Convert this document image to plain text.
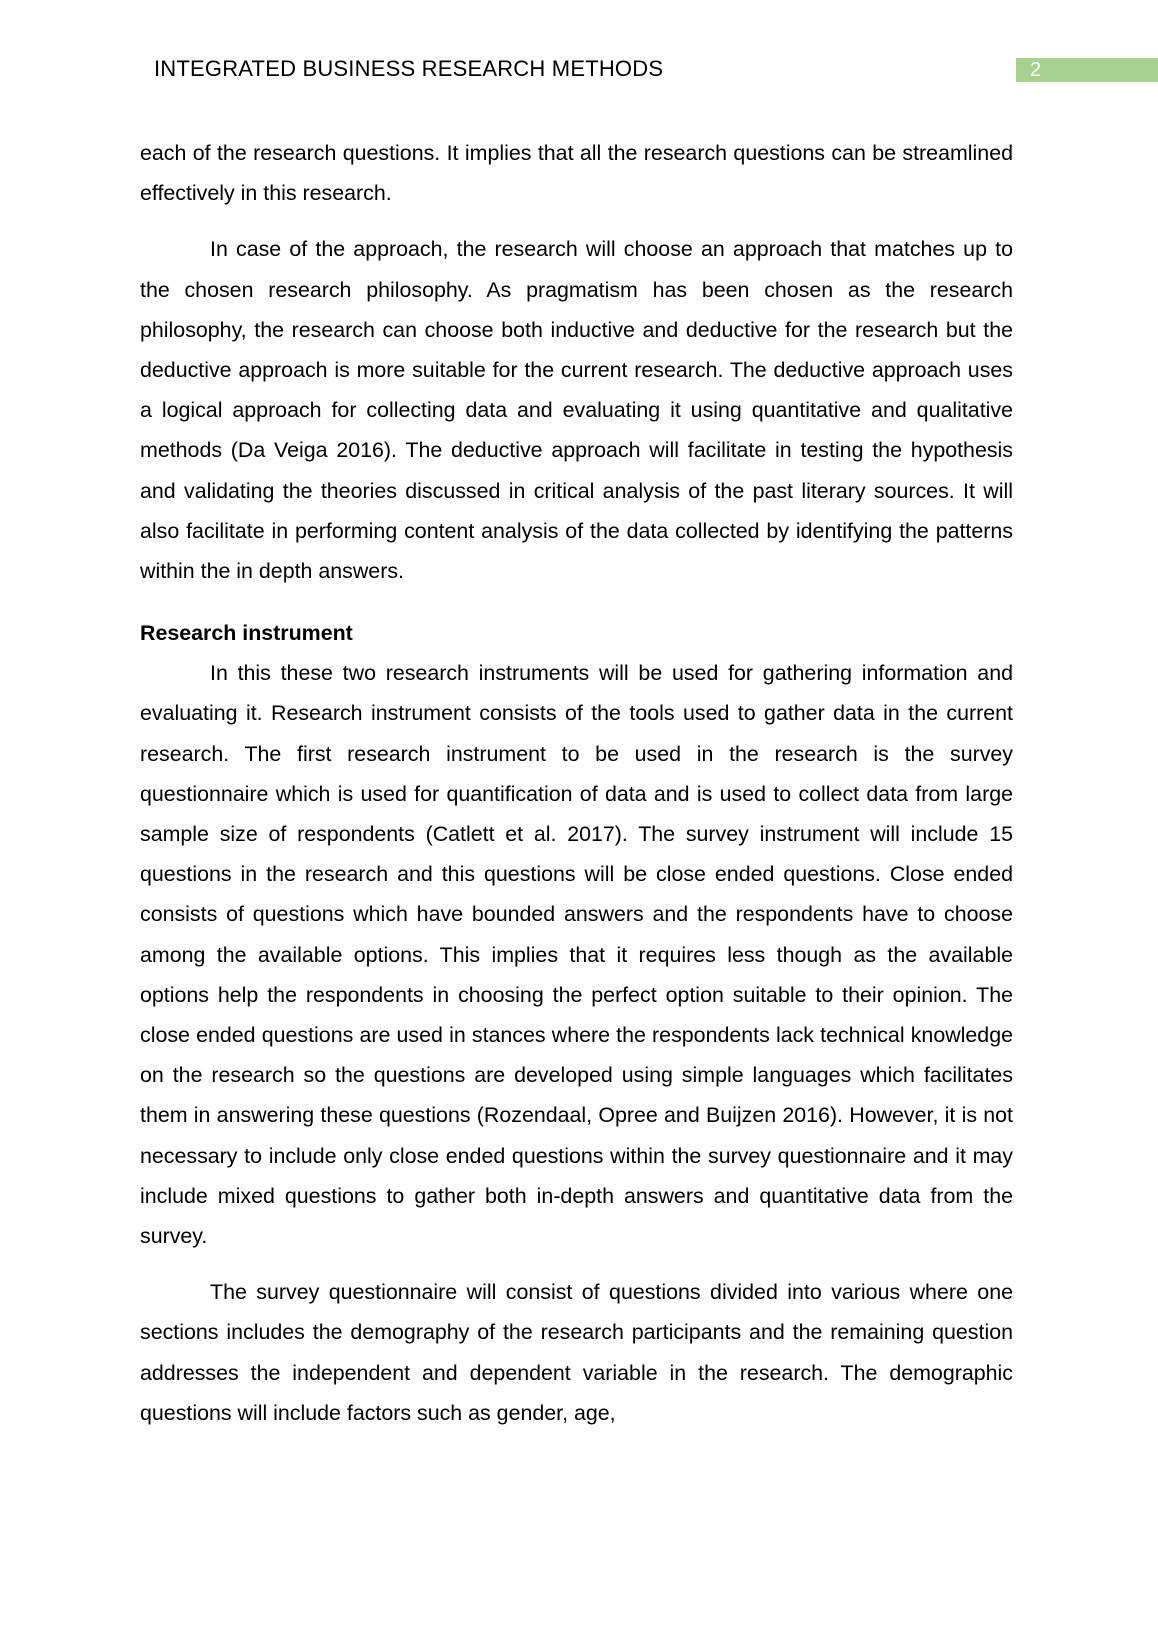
INTEGRATED BUSINESS RESEARCH METHODS	2

each of the research questions. It implies that all the research questions can be streamlined effectively in this research.

In case of the approach, the research will choose an approach that matches up to the chosen research philosophy. As pragmatism has been chosen as the research philosophy, the research can choose both inductive and deductive for the research but the deductive approach is more suitable for the current research. The deductive approach uses a logical approach for collecting data and evaluating it using quantitative and qualitative methods (Da Veiga 2016). The deductive approach will facilitate in testing the hypothesis and validating the theories discussed in critical analysis of the past literary sources. It will also facilitate in performing content analysis of the data collected by identifying the patterns within the in depth answers.

Research instrument

In this these two research instruments will be used for gathering information and evaluating it. Research instrument consists of the tools used to gather data in the current research. The first research instrument to be used in the research is the survey questionnaire which is used for quantification of data and is used to collect data from large sample size of respondents (Catlett et al. 2017). The survey instrument will include 15 questions in the research and this questions will be close ended questions. Close ended consists of questions which have bounded answers and the respondents have to choose among the available options. This implies that it requires less though as the available options help the respondents in choosing the perfect option suitable to their opinion. The close ended questions are used in stances where the respondents lack technical knowledge on the research so the questions are developed using simple languages which facilitates them in answering these questions (Rozendaal, Opree and Buijzen 2016). However, it is not necessary to include only close ended questions within the survey questionnaire and it may include mixed questions to gather both in-depth answers and quantitative data from the survey.

The survey questionnaire will consist of questions divided into various where one sections includes the demography of the research participants and the remaining question addresses the independent and dependent variable in the research. The demographic questions will include factors such as gender, age,
